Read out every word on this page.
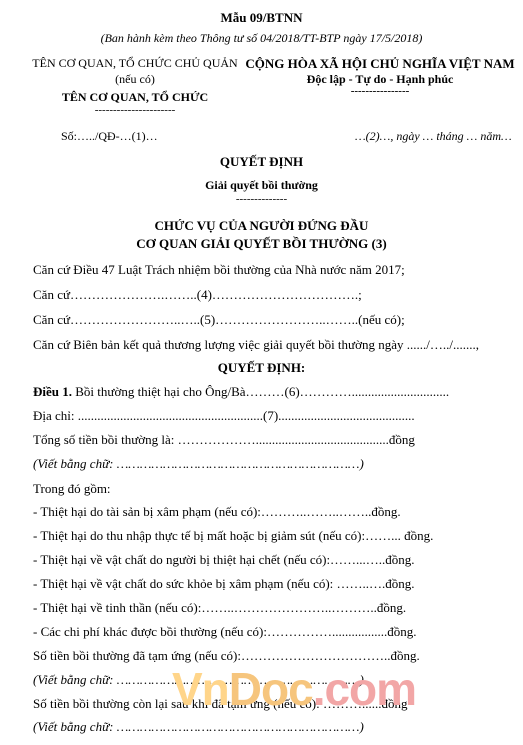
Mẫu 09/BTNN
(Ban hành kèm theo Thông tư số 04/2018/TT-BTP ngày 17/5/2018)
TÊN CƠ QUAN, TỔ CHỨC CHỦ QUẢN
(nếu có)
TÊN CƠ QUAN, TỔ CHỨC
----------------------
CỘNG HÒA XÃ HỘI CHỦ NGHĨA VIỆT NAM
Độc lập - Tự do - Hạnh phúc
----------------
Số:…../QĐ-…(1)…	…(2)…, ngày … tháng … năm…
QUYẾT ĐỊNH
Giải quyết bồi thường
--------------
CHỨC VỤ CỦA NGƯỜI ĐỨNG ĐẦU
CƠ QUAN GIẢI QUYẾT BỒI THƯỜNG (3)
Căn cứ Điều 47 Luật Trách nhiệm bồi thường của Nhà nước năm 2017;
Căn cứ………………….……..(4)…………………………….;
Căn cứ……………………..…..(5)……………………..……..(nếu có);
Căn cứ Biên bản kết quả thương lượng việc giải quyết bồi thường ngày ....../…../.......,
QUYẾT ĐỊNH:
Điều 1. Bồi thường thiệt hại cho Ông/Bà………(6)…………..............................
Địa chỉ: .........................................................(7)..........................................
Tổng số tiền bồi thường là: ……………….........................................đồng
(Viết bằng chữ: ………………………………………………………)
Trong đó gồm:
- Thiệt hại do tài sản bị xâm phạm (nếu có):………..……..……..đồng.
- Thiệt hại do thu nhập thực tế bị mất hoặc bị giảm sút (nếu có):……... đồng.
- Thiệt hại về vật chất do người bị thiệt hại chết (nếu có):……...…..đồng.
- Thiệt hại về vật chất do sức khỏe bị xâm phạm (nếu có): ……..….đồng.
- Thiệt hại về tinh thần (nếu có):……..…………………..………..đồng.
- Các chi phí khác được bồi thường (nếu có):…………….................đồng.
Số tiền bồi thường đã tạm ứng (nếu có):……………………………..đồng.
(Viết bằng chữ: ………………………………………………………)
Số tiền bồi thường còn lại sau khi đã tạm ứng (nếu có): ………......đồng
(Viết bằng chữ: ………………………………………………………)
VnDoc.com
